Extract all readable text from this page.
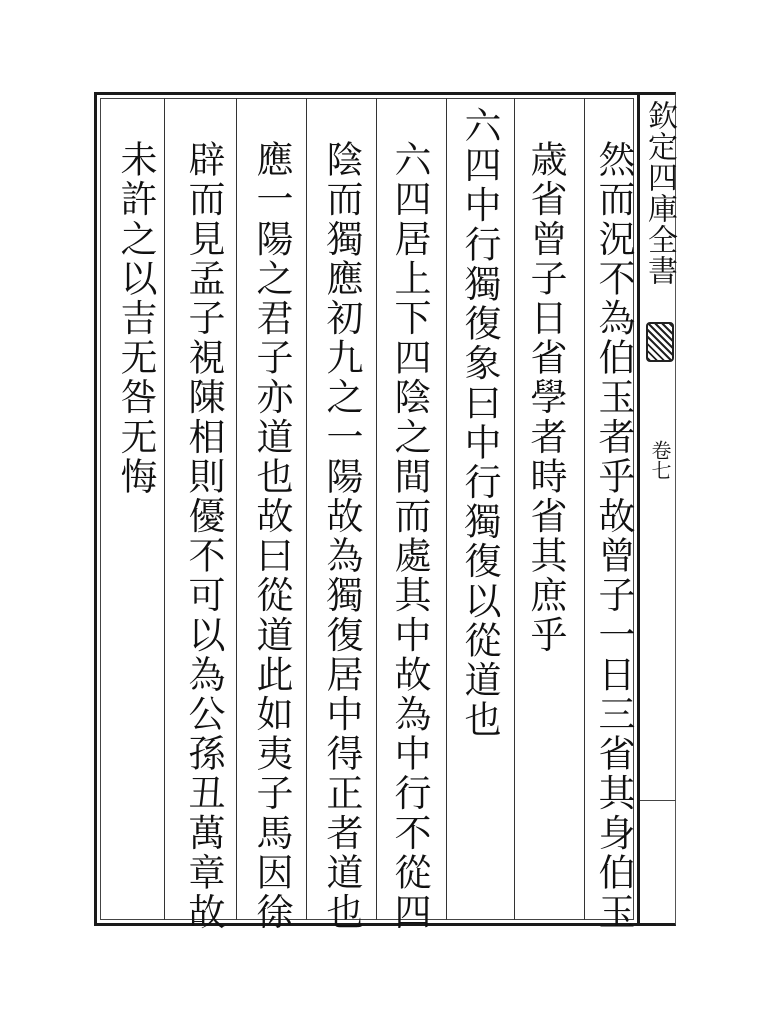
欽定四庫全書
卷七
然而況不為伯玉者乎故曾子一日三省其身伯玉
歳省曾子日省學者時省其庶乎
六四中行獨復象曰中行獨復以從道也
六四居上下四陰之間而處其中故為中行不從四
陰而獨應初九之一陽故為獨復居中得正者道也
應一陽之君子亦道也故曰從道此如夷子馬因徐
辟而見孟子視陳相則優不可以為公孫丑萬章故
未許之以吉无咎无悔
